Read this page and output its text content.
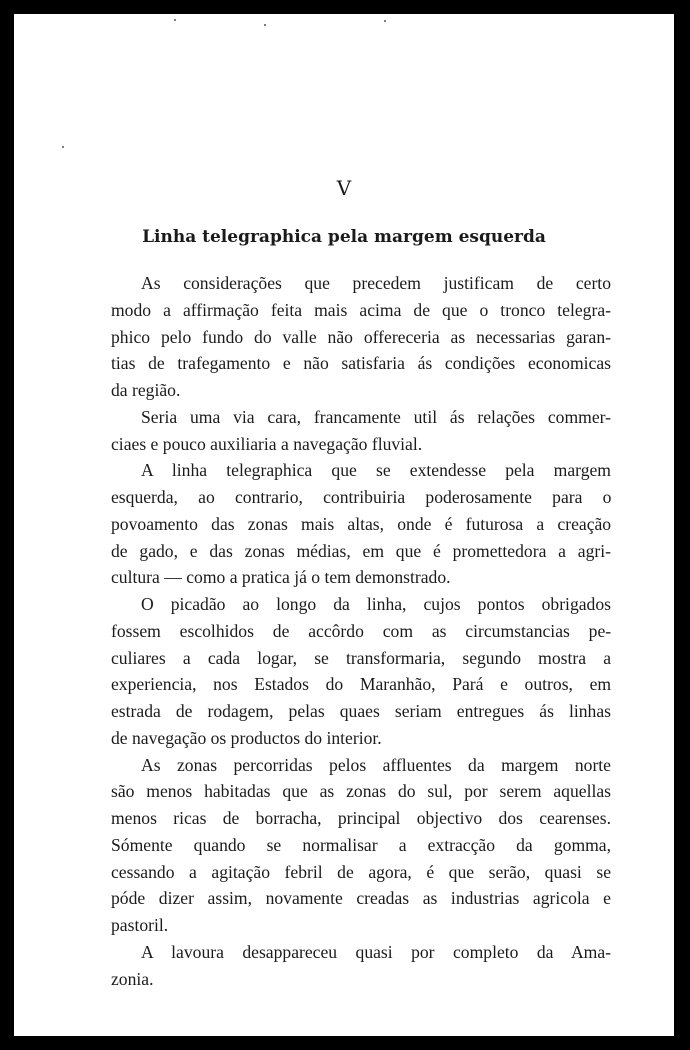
V
Linha telegraphica pela margem esquerda
As considerações que precedem justificam de certo
modo a affirmação feita mais acima de que o tronco telegra-
phico pelo fundo do valle não offereceria as necessarias garan-
tias de trafegamento e não satisfaria ás condições economicas
da região.
Seria uma via cara, francamente util ás relações commer-
ciaes e pouco auxiliaria a navegação fluvial.
A linha telegraphica que se extendesse pela margem
esquerda, ao contrario, contribuiria poderosamente para o
povoamento das zonas mais altas, onde é futurosa a creação
de gado, e das zonas médias, em que é promettedora a agri-
cultura — como a pratica já o tem demonstrado.
O picadão ao longo da linha, cujos pontos obrigados
fossem escolhidos de accôrdo com as circumstancias pe-
culiares a cada logar, se transformaria, segundo mostra a
experiencia, nos Estados do Maranhão, Pará e outros, em
estrada de rodagem, pelas quaes seriam entregues ás linhas
de navegação os productos do interior.
As zonas percorridas pelos affluentes da margem norte
são menos habitadas que as zonas do sul, por serem aquellas
menos ricas de borracha, principal objectivo dos cearenses.
Sómente quando se normalisar a extracção da gomma,
cessando a agitação febril de agora, é que serão, quasi se
póde dizer assim, novamente creadas as industrias agricola e
pastoril.
A lavoura desappareceu quasi por completo da Ama-
zonia.
